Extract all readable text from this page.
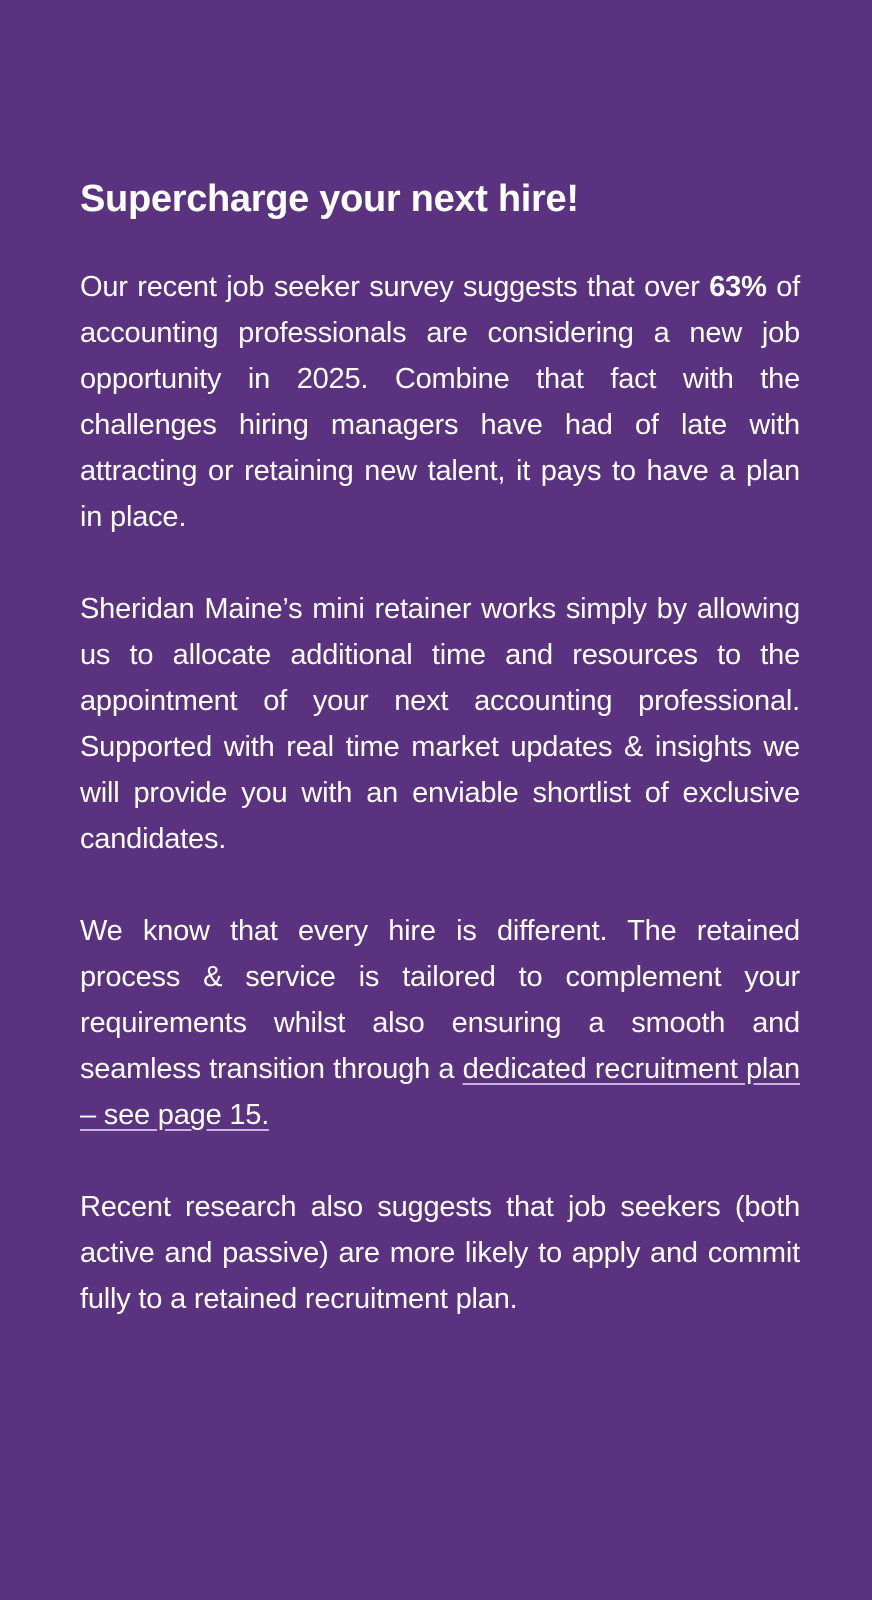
Supercharge your next hire!

Our recent job seeker survey suggests that over 63% of accounting professionals are considering a new job opportunity in 2025. Combine that fact with the challenges hiring managers have had of late with attracting or retaining new talent, it pays to have a plan in place.

Sheridan Maine’s mini retainer works simply by allowing us to allocate additional time and resources to the appointment of your next accounting professional. Supported with real time market updates & insights we will provide you with an enviable shortlist of exclusive candidates.

We know that every hire is different. The retained process & service is tailored to complement your requirements whilst also ensuring a smooth and seamless transition through a dedicated recruitment plan – see page 15.

Recent research also suggests that job seekers (both active and passive) are more likely to apply and commit fully to a retained recruitment plan.
